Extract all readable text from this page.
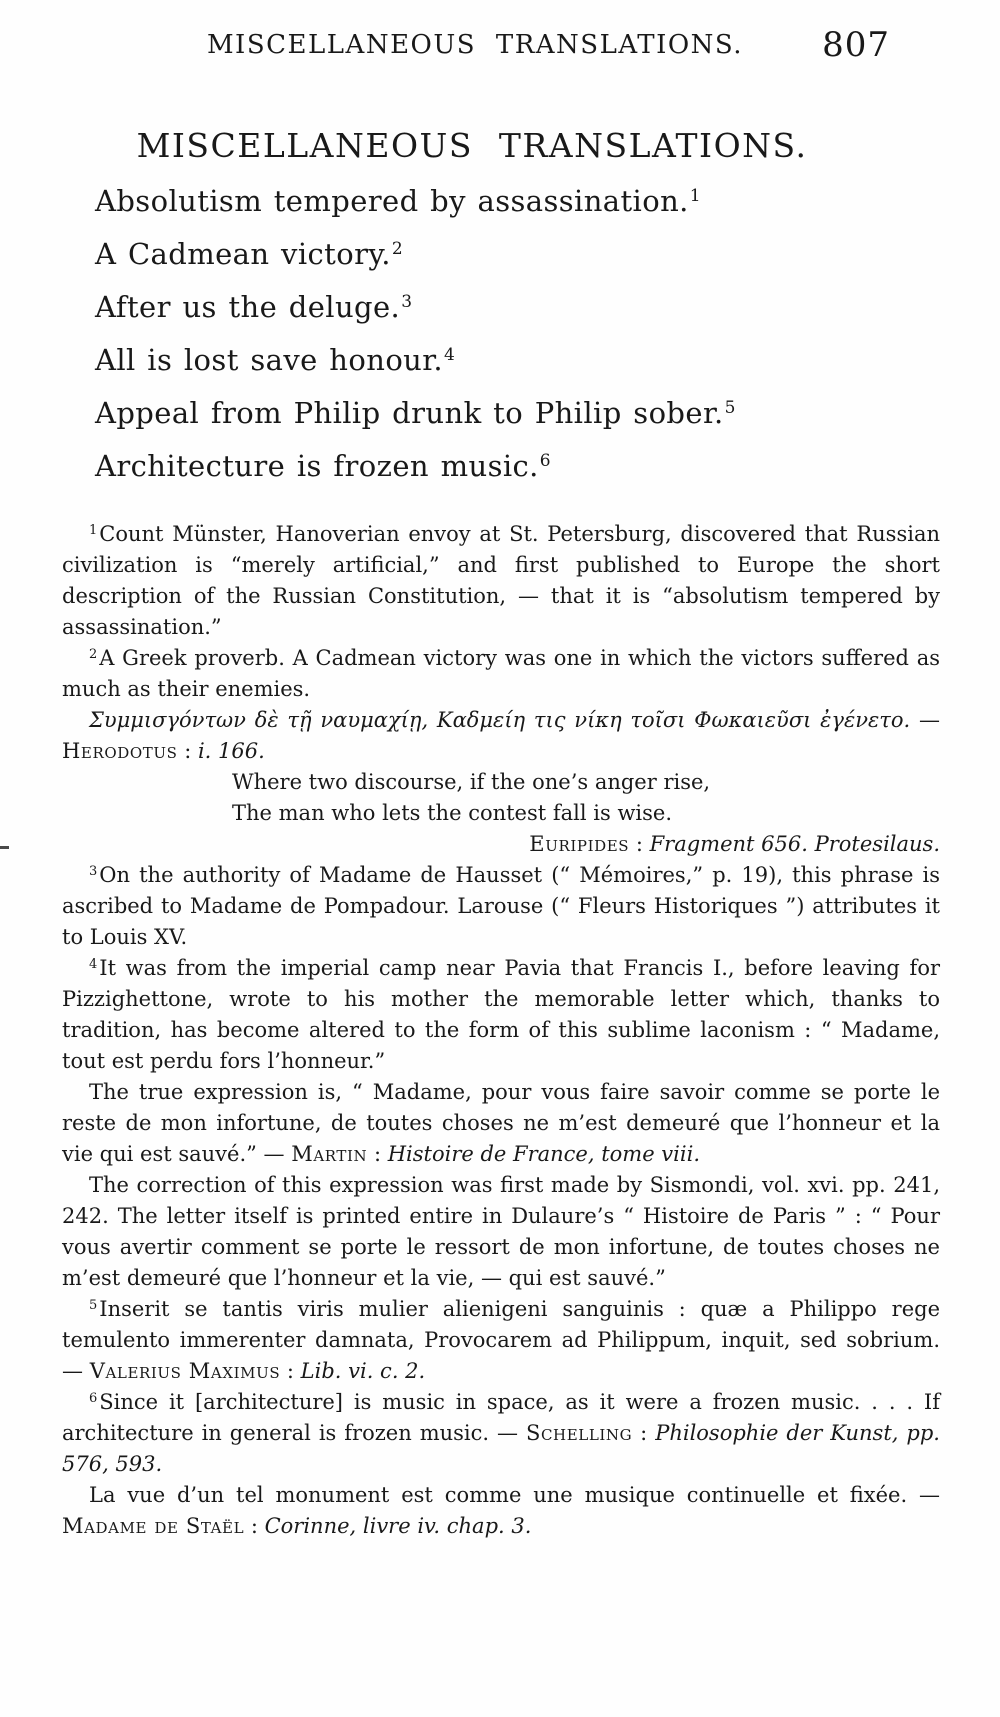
MISCELLANEOUS TRANSLATIONS.	807
MISCELLANEOUS TRANSLATIONS.
Absolutism tempered by assassination.$^1$
A Cadmean victory.$^2$
After us the deluge.$^3$
All is lost save honour.$^4$
Appeal from Philip drunk to Philip sober.$^5$
Architecture is frozen music.$^6$

$^1$Count Münster, Hanoverian envoy at St. Petersburg, discovered that Russian civilization is “merely artificial,” and first published to Europe the short description of the Russian Constitution, — that it is “absolutism tempered by assassination.”

$^2$A Greek proverb. A Cadmean victory was one in which the victors suffered as much as their enemies.

Συμμισγόντων δὲ τῇ ναυμαχίῃ, Καδμείη τις νίκη τοῖσι Φωκαιεῦσι ἐγένετο. — Herodotus : i. 166.

Where two discourse, if the one’s anger rise,
The man who lets the contest fall is wise.
Euripides : Fragment 656. Protesilaus.

$^3$On the authority of Madame de Hausset (“ Mémoires,” p. 19), this phrase is ascribed to Madame de Pompadour. Larouse (“ Fleurs Historiques ”) attributes it to Louis XV.

$^4$It was from the imperial camp near Pavia that Francis I., before leaving for Pizzighettone, wrote to his mother the memorable letter which, thanks to tradition, has become altered to the form of this sublime laconism : “ Madame, tout est perdu fors l’honneur.”

The true expression is, “ Madame, pour vous faire savoir comme se porte le reste de mon infortune, de toutes choses ne m’est demeuré que l’honneur et la vie qui est sauvé.” — Martin : Histoire de France, tome viii.

The correction of this expression was first made by Sismondi, vol. xvi. pp. 241, 242. The letter itself is printed entire in Dulaure’s “ Histoire de Paris ” : “ Pour vous avertir comment se porte le ressort de mon infortune, de toutes choses ne m’est demeuré que l’honneur et la vie, — qui est sauvé.”

$^5$Inserit se tantis viris mulier alienigeni sanguinis : quæ a Philippo rege temulento immerenter damnata, Provocarem ad Philippum, inquit, sed sobrium. — Valerius Maximus : Lib. vi. c. 2.

$^6$Since it [architecture] is music in space, as it were a frozen music. . . . If architecture in general is frozen music. — Schelling : Philosophie der Kunst, pp. 576, 593.

La vue d’un tel monument est comme une musique continuelle et fixée. — Madame de Staël : Corinne, livre iv. chap. 3.
